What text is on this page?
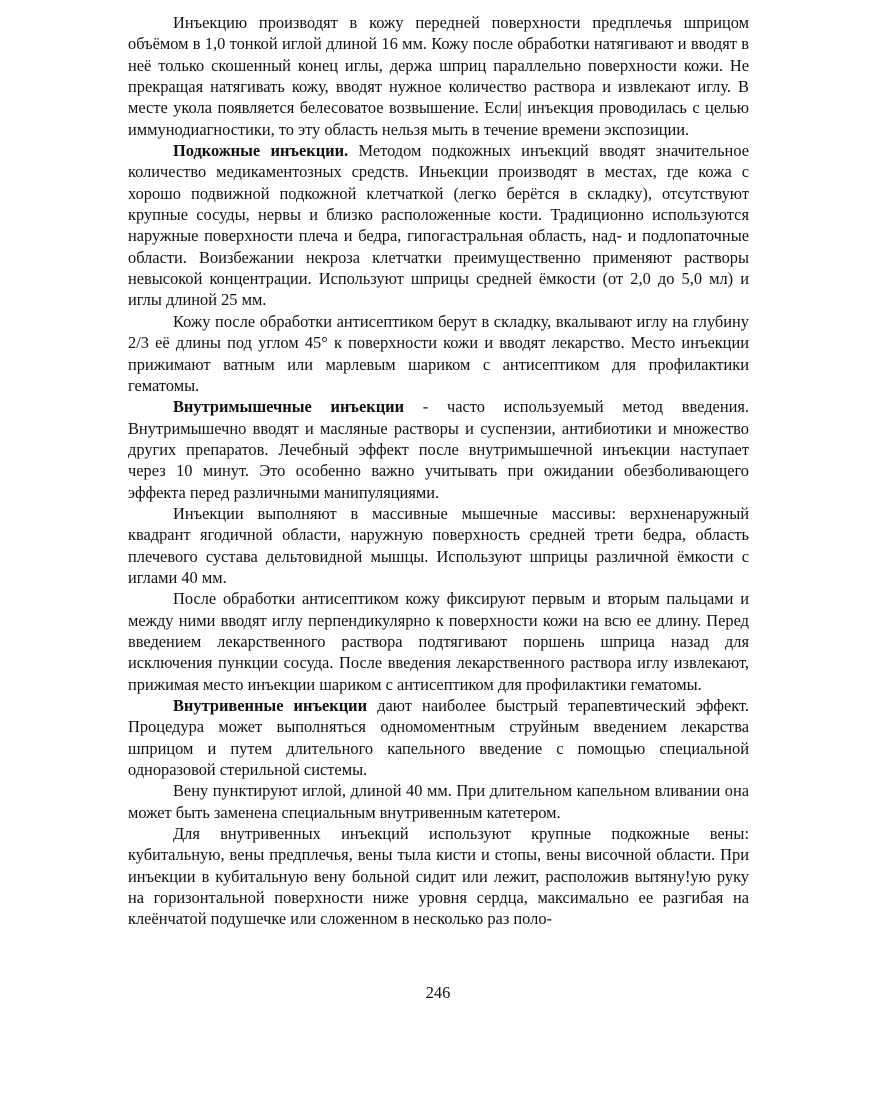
Инъекцию производят в кожу передней поверхности предплечья шприцом объёмом в 1,0 тонкой иглой длиной 16 мм. Кожу после обработки натягивают и вводят в неё только скошенный конец иглы, держа шприц параллельно поверхности кожи. Не прекращая натягивать кожу, вводят нужное количество раствора и извлекают иглу. В месте укола появляется белесоватое возвышение. Если| инъекция проводилась с целью иммунодиагностики, то эту область нельзя мыть в течение времени экспозиции.

Подкожные инъекции. Методом подкожных инъекций вводят значительное количество медикаментозных средств. Иньекции производят в местах, где кожа с хорошо подвижной подкожной клетчаткой (легко берётся в складку), отсутствуют крупные сосуды, нервы и близко расположенные кости. Традиционно используются наружные поверхности плеча и бедра, гипогастральная область, над- и подлопаточные области. Воизбежании некроза клетчатки преимущественно применяют растворы невысокой концентрации. Используют шприцы средней ёмкости (от 2,0 до 5,0 мл) и иглы длиной 25 мм.

Кожу после обработки антисептиком берут в складку, вкалывают иглу на глубину 2/3 её длины под углом 45° к поверхности кожи и вводят лекарство. Место инъекции прижимают ватным или марлевым шариком с антисептиком для профилактики гематомы.

Внутримышечные инъекции - часто используемый метод введения. Внутримышечно вводят и масляные растворы и суспензии, антибиотики и множество других препаратов. Лечебный эффект после внутримышечной инъекции наступает через 10 минут. Это особенно важно учитывать при ожидании обезболивающего эффекта перед различными манипуляциями.

Инъекции выполняют в массивные мышечные массивы: верхненаружный квадрант ягодичной области, наружную поверхность средней трети бедра, область плечевого сустава дельтовидной мышцы. Используют шприцы различной ёмкости с иглами 40 мм.

После обработки антисептиком кожу фиксируют первым и вторым пальцами и между ними вводят иглу перпендикулярно к поверхности кожи на всю ее длину. Перед введением лекарственного раствора подтягивают поршень шприца назад для исключения пункции сосуда. После введения лекарственного раствора иглу извлекают, прижимая место инъекции шариком с антисептиком для профилактики гематомы.

Внутривенные инъекции дают наиболее быстрый терапевтический эффект. Процедура может выполняться одномоментным струйным введением лекарства шприцом и путем длительного капельного введение с помощью специальной одноразовой стерильной системы.

Вену пунктируют иглой, длиной 40 мм. При длительном капельном вливании она может быть заменена специальным внутривенным катетером.

Для внутривенных инъекций используют крупные подкожные вены: кубитальную, вены предплечья, вены тыла кисти и стопы, вены височной области. При инъекции в кубитальную вену больной сидит или лежит, расположив вытяну!ую руку на горизонтальной поверхности ниже уровня сердца, максимально ее разгибая на клеёнчатой подушечке или сложенном в несколько раз поло-

246
